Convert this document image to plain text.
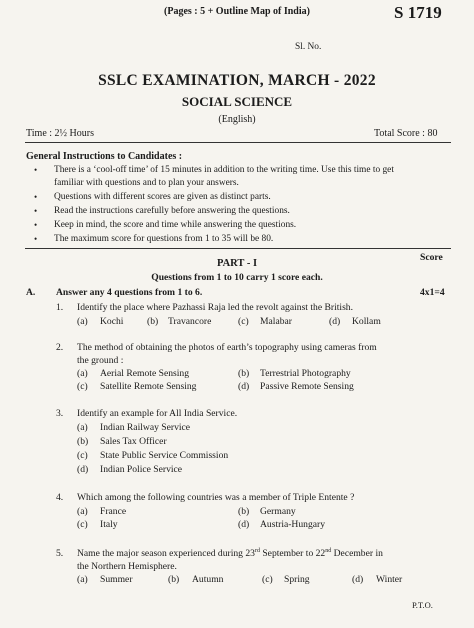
(Pages : 5 + Outline Map of India)	S 1719
Sl. No.
SSLC EXAMINATION, MARCH - 2022
SOCIAL SCIENCE
(English)
Time : 2½ Hours	Total Score : 80
General Instructions to Candidates :
• There is a ‘cool-off time’ of 15 minutes in addition to the writing time. Use this time to get
familiar with questions and to plan your answers.
• Questions with different scores are given as distinct parts.
• Read the instructions carefully before answering the questions.
• Keep in mind, the score and time while answering the questions.
• The maximum score for questions from 1 to 35 will be 80.
Score
PART - I
Questions from 1 to 10 carry 1 score each.
A. Answer any 4 questions from 1 to 6.	4x1=4
1. Identify the place where Pazhassi Raja led the revolt against the British.
(a) Kochi (b) Travancore	(c) Malabar	(d) Kollam
2. The method of obtaining the photos of earth’s topography using cameras from
the ground :
(a) Aerial Remote Sensing	(b) Terrestrial Photography
(c) Satellite Remote Sensing	(d) Passive Remote Sensing
3. Identify an example for All India Service.
(a) Indian Railway Service
(b) Sales Tax Officer
(c) State Public Service Commission
(d) Indian Police Service
4. Which among the following countries was a member of Triple Entente ?
(a) France	(b) Germany
(c) Italy	(d) Austria-Hungary
5. Name the major season experienced during 23rd September to 22nd December in
the Northern Hemisphere.
(a) Summer	(b) Autumn	(c) Spring	(d) Winter
P.T.O.
